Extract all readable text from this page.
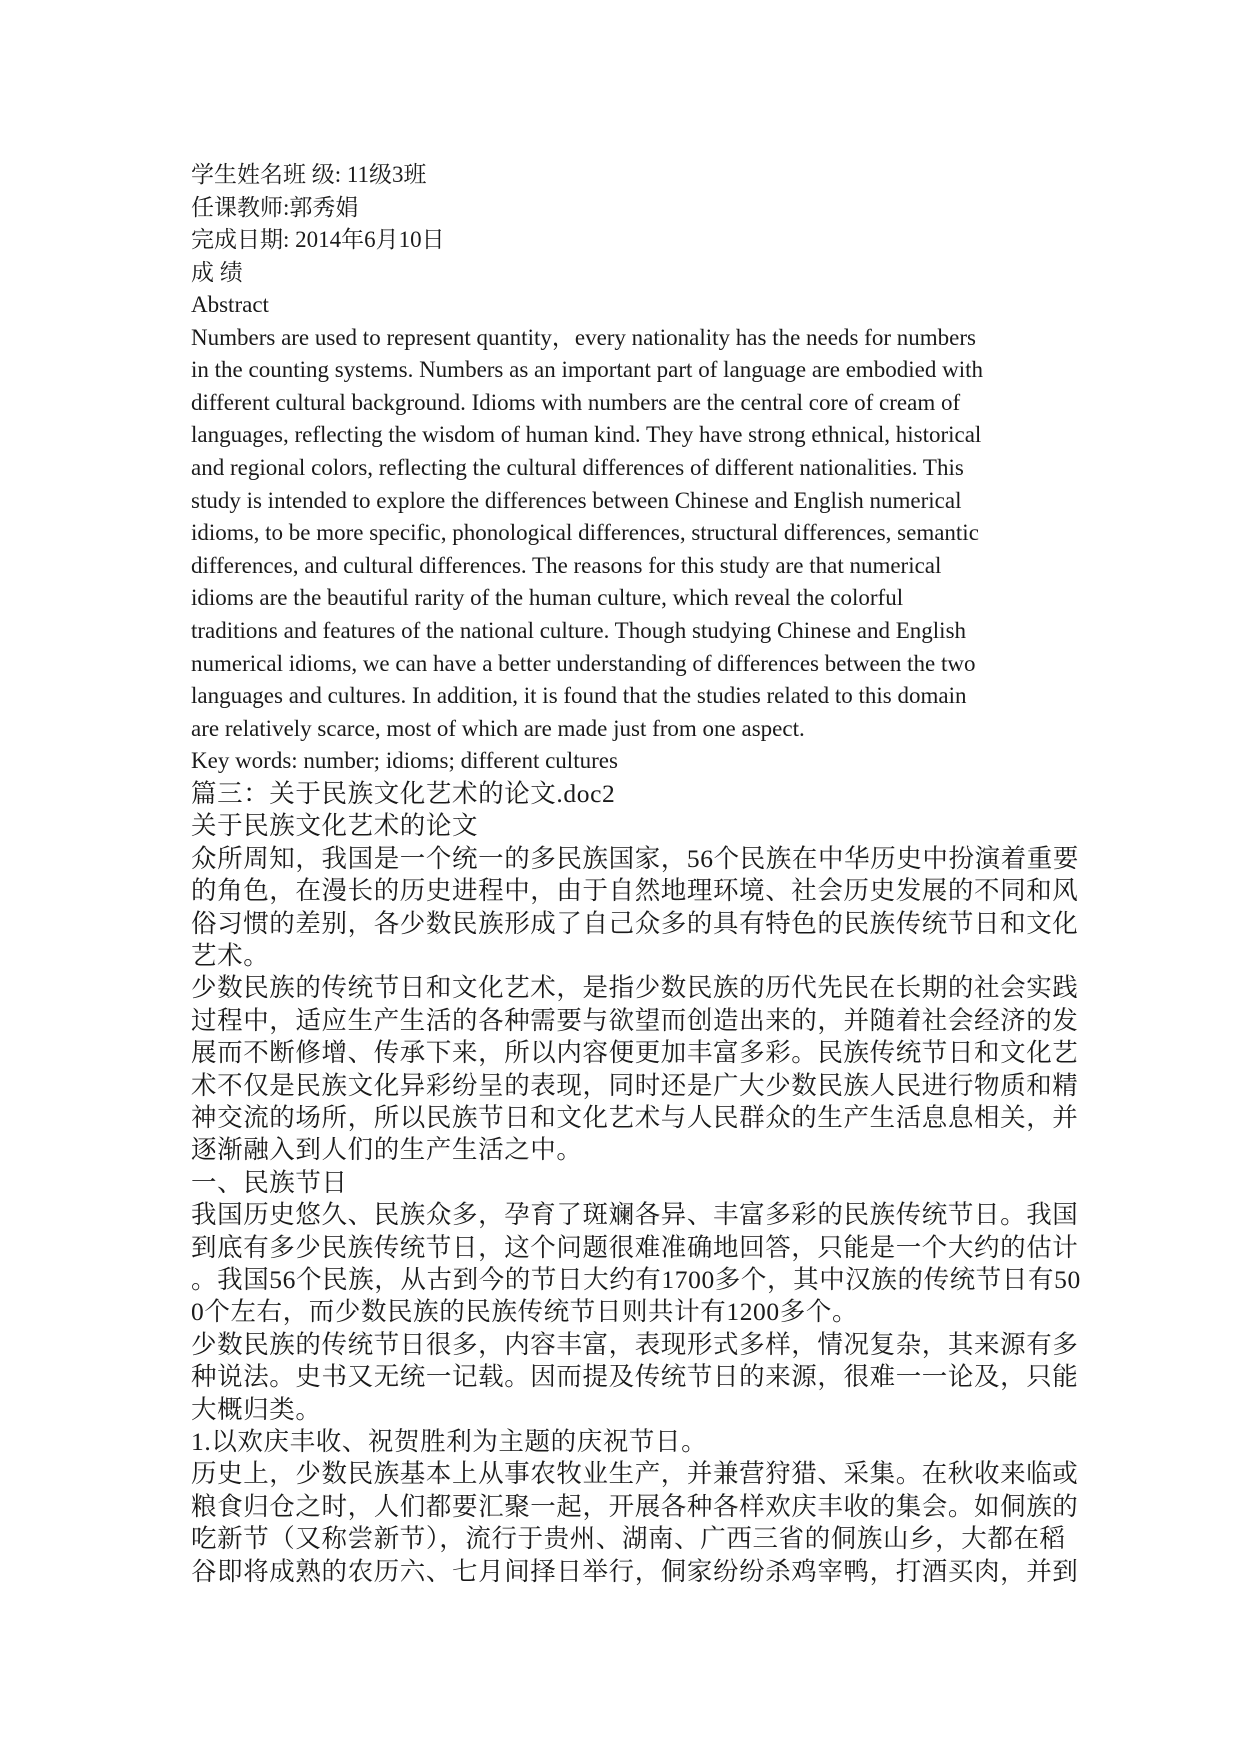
学生姓名班 级: 11级3班
任课教师:郭秀娟
完成日期: 2014年6月10日
成 绩
Abstract
Numbers are used to represent quantity，every nationality has the needs for numbers
in the counting systems. Numbers as an important part of language are embodied with
different cultural background. Idioms with numbers are the central core of cream of
languages, reflecting the wisdom of human kind. They have strong ethnical, historical
and regional colors, reflecting the cultural differences of different nationalities. This
study is intended to explore the differences between Chinese and English numerical
idioms, to be more specific, phonological differences, structural differences, semantic
differences, and cultural differences. The reasons for this study are that numerical
idioms are the beautiful rarity of the human culture, which reveal the colorful
traditions and features of the national culture. Though studying Chinese and English
numerical idioms, we can have a better understanding of differences between the two
languages and cultures. In addition, it is found that the studies related to this domain
are relatively scarce, most of which are made just from one aspect.
Key words: number; idioms; different cultures
篇三：关于民族文化艺术的论文.doc2
关于民族文化艺术的论文
众所周知，我国是一个统一的多民族国家，56个民族在中华历史中扮演着重要
的角色，在漫长的历史进程中，由于自然地理环境、社会历史发展的不同和风
俗习惯的差别，各少数民族形成了自己众多的具有特色的民族传统节日和文化
艺术。
少数民族的传统节日和文化艺术，是指少数民族的历代先民在长期的社会实践
过程中，适应生产生活的各种需要与欲望而创造出来的，并随着社会经济的发
展而不断修增、传承下来，所以内容便更加丰富多彩。民族传统节日和文化艺
术不仅是民族文化异彩纷呈的表现，同时还是广大少数民族人民进行物质和精
神交流的场所，所以民族节日和文化艺术与人民群众的生产生活息息相关，并
逐渐融入到人们的生产生活之中。
一、民族节日
我国历史悠久、民族众多，孕育了斑斓各异、丰富多彩的民族传统节日。我国
到底有多少民族传统节日，这个问题很难准确地回答，只能是一个大约的估计
。我国56个民族，从古到今的节日大约有1700多个，其中汉族的传统节日有50
0个左右，而少数民族的民族传统节日则共计有1200多个。
少数民族的传统节日很多，内容丰富，表现形式多样，情况复杂，其来源有多
种说法。史书又无统一记载。因而提及传统节日的来源，很难一一论及，只能
大概归类。
1.以欢庆丰收、祝贺胜利为主题的庆祝节日。
历史上，少数民族基本上从事农牧业生产，并兼营狩猎、采集。在秋收来临或
粮食归仓之时，人们都要汇聚一起，开展各种各样欢庆丰收的集会。如侗族的
吃新节（又称尝新节），流行于贵州、湖南、广西三省的侗族山乡，大都在稻
谷即将成熟的农历六、七月间择日举行，侗家纷纷杀鸡宰鸭，打酒买肉，并到
